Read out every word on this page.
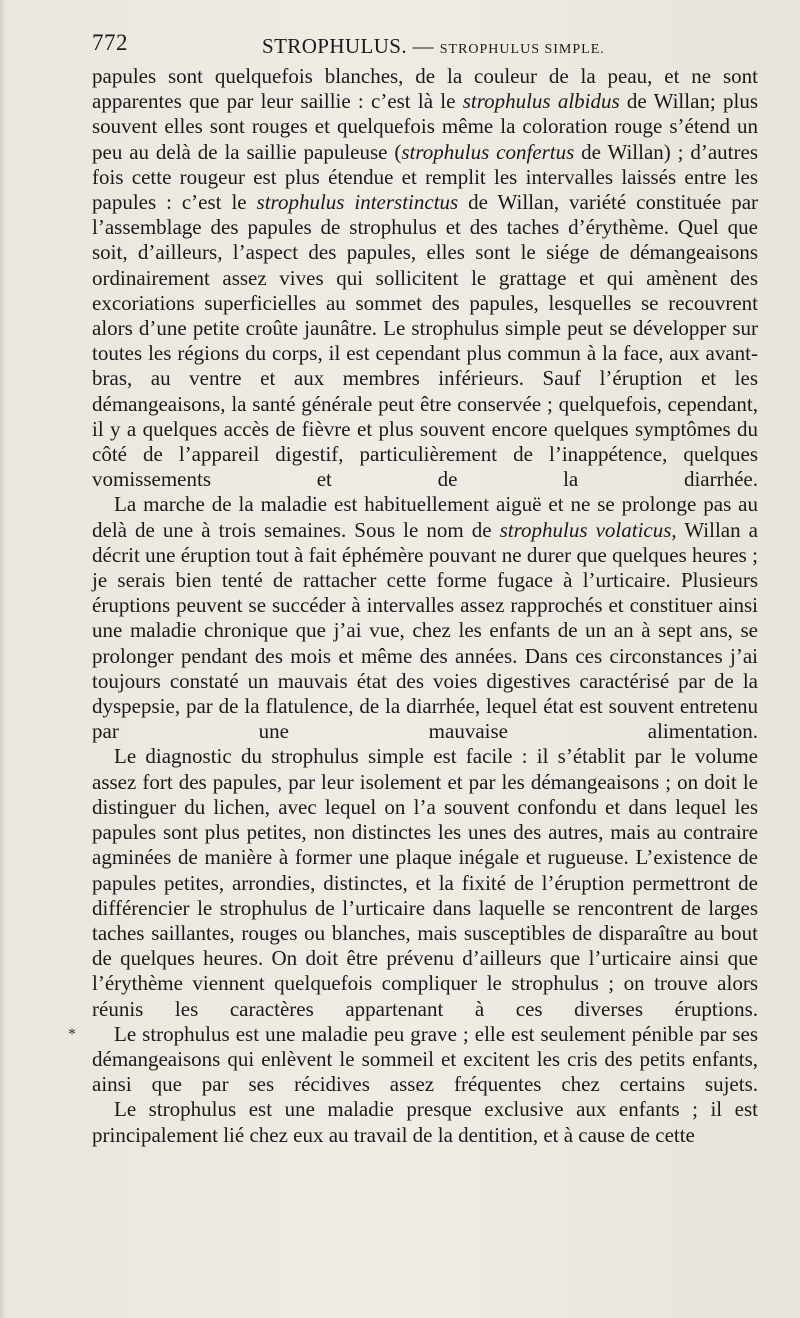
772	STROPHULUS. — STROPHULUS SIMPLE.

papules sont quelquefois blanches, de la couleur de la peau, et ne sont apparentes que par leur saillie : c’est là le strophulus albidus de Willan; plus souvent elles sont rouges et quelquefois même la coloration rouge s’étend un peu au delà de la saillie papuleuse (strophulus confertus de Willan) ; d’autres fois cette rougeur est plus étendue et remplit les intervalles laissés entre les papules : c’est le strophulus interstinctus de Willan, variété constituée par l’assemblage des papules de strophulus et des taches d’érythème. Quel que soit, d’ailleurs, l’aspect des papules, elles sont le siége de démangeaisons ordinairement assez vives qui sollicitent le grattage et qui amènent des excoriations superficielles au sommet des papules, lesquelles se recouvrent alors d’une petite croûte jaunâtre. Le strophulus simple peut se développer sur toutes les régions du corps, il est cependant plus commun à la face, aux avant-bras, au ventre et aux membres inférieurs. Sauf l’éruption et les démangeaisons, la santé générale peut être conservée ; quelquefois, cependant, il y a quelques accès de fièvre et plus souvent encore quelques symptômes du côté de l’appareil digestif, particulièrement de l’inappétence, quelques vomissements et de la diarrhée.

La marche de la maladie est habituellement aiguë et ne se prolonge pas au delà de une à trois semaines. Sous le nom de strophulus volaticus, Willan a décrit une éruption tout à fait éphémère pouvant ne durer que quelques heures ; je serais bien tenté de rattacher cette forme fugace à l’urticaire. Plusieurs éruptions peuvent se succéder à intervalles assez rapprochés et constituer ainsi une maladie chronique que j’ai vue, chez les enfants de un an à sept ans, se prolonger pendant des mois et même des années. Dans ces circonstances j’ai toujours constaté un mauvais état des voies digestives caractérisé par de la dyspepsie, par de la flatulence, de la diarrhée, lequel état est souvent entretenu par une mauvaise alimentation.

Le diagnostic du strophulus simple est facile : il s’établit par le volume assez fort des papules, par leur isolement et par les démangeaisons ; on doit le distinguer du lichen, avec lequel on l’a souvent confondu et dans lequel les papules sont plus petites, non distinctes les unes des autres, mais au contraire agminées de manière à former une plaque inégale et rugueuse. L’existence de papules petites, arrondies, distinctes, et la fixité de l’éruption permettront de différencier le strophulus de l’urticaire dans laquelle se rencontrent de larges taches saillantes, rouges ou blanches, mais susceptibles de disparaître au bout de quelques heures. On doit être prévenu d’ailleurs que l’urticaire ainsi que l’érythème viennent quelquefois compliquer le strophulus ; on trouve alors réunis les caractères appartenant à ces diverses éruptions.

Le strophulus est une maladie peu grave ; elle est seulement pénible par ses démangeaisons qui enlèvent le sommeil et excitent les cris des petits enfants, ainsi que par ses récidives assez fréquentes chez certains sujets.

Le strophulus est une maladie presque exclusive aux enfants ; il est principalement lié chez eux au travail de la dentition, et à cause de cette

*
